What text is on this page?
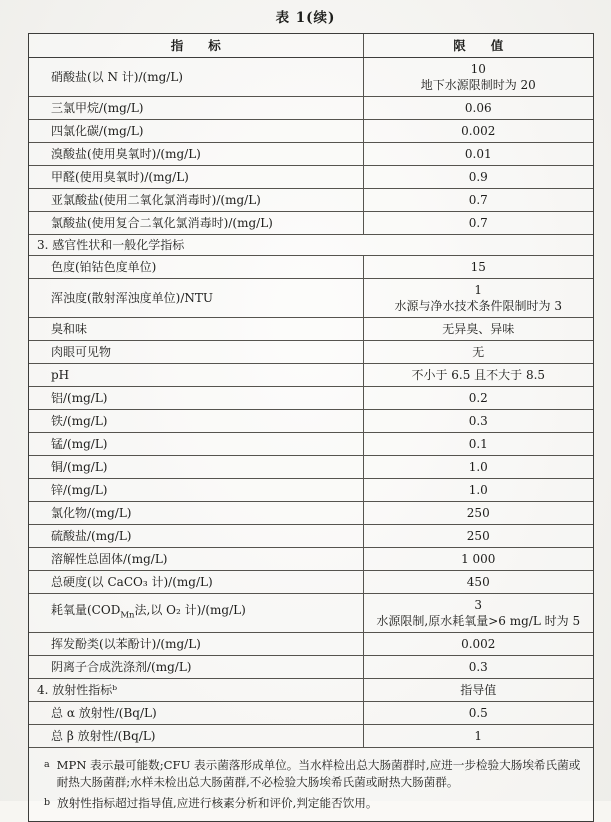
表 1(续)
指　　标	限　　值
硝酸盐(以 N 计)/(mg/L)	10
地下水源限制时为 20

三氯甲烷/(mg/L)	0.06

四氯化碳/(mg/L)	0.002

溴酸盐(使用臭氧时)/(mg/L)	0.01

甲醛(使用臭氧时)/(mg/L)	0.9

亚氯酸盐(使用二氧化氯消毒时)/(mg/L)	0.7

氯酸盐(使用复合二氧化氯消毒时)/(mg/L)	0.7

3. 感官性状和一般化学指标	
色度(铂钴色度单位)	15

浑浊度(散射浑浊度单位)/NTU	1
水源与净水技术条件限制时为 3

臭和味	无异臭、异味

肉眼可见物	无

pH	不小于 6.5 且不大于 8.5

铝/(mg/L)	0.2

铁/(mg/L)	0.3

锰/(mg/L)	0.1

铜/(mg/L)	1.0

锌/(mg/L)	1.0

氯化物/(mg/L)	250

硫酸盐/(mg/L)	250

溶解性总固体/(mg/L)	1 000

总硬度(以 CaCO₃ 计)/(mg/L)	450

耗氧量($COD_{Mn}$法,以 O₂ 计)/(mg/L)	3
水源限制,原水耗氧量>6 mg/L 时为 5

挥发酚类(以苯酚计)/(mg/L)	0.002

阴离子合成洗涤剂/(mg/L)	0.3

4. 放射性指标ᵇ	指导值

总 α 放射性/(Bq/L)	0.5

总 β 放射性/(Bq/L)	1
a MPN 表示最可能数;CFU 表示菌落形成单位。当水样检出总大肠菌群时,应进一步检验大肠埃希氏菌或耐热大肠菌群;水样未检出总大肠菌群,不必检验大肠埃希氏菌或耐热大肠菌群。
b 放射性指标超过指导值,应进行核素分析和评价,判定能否饮用。
